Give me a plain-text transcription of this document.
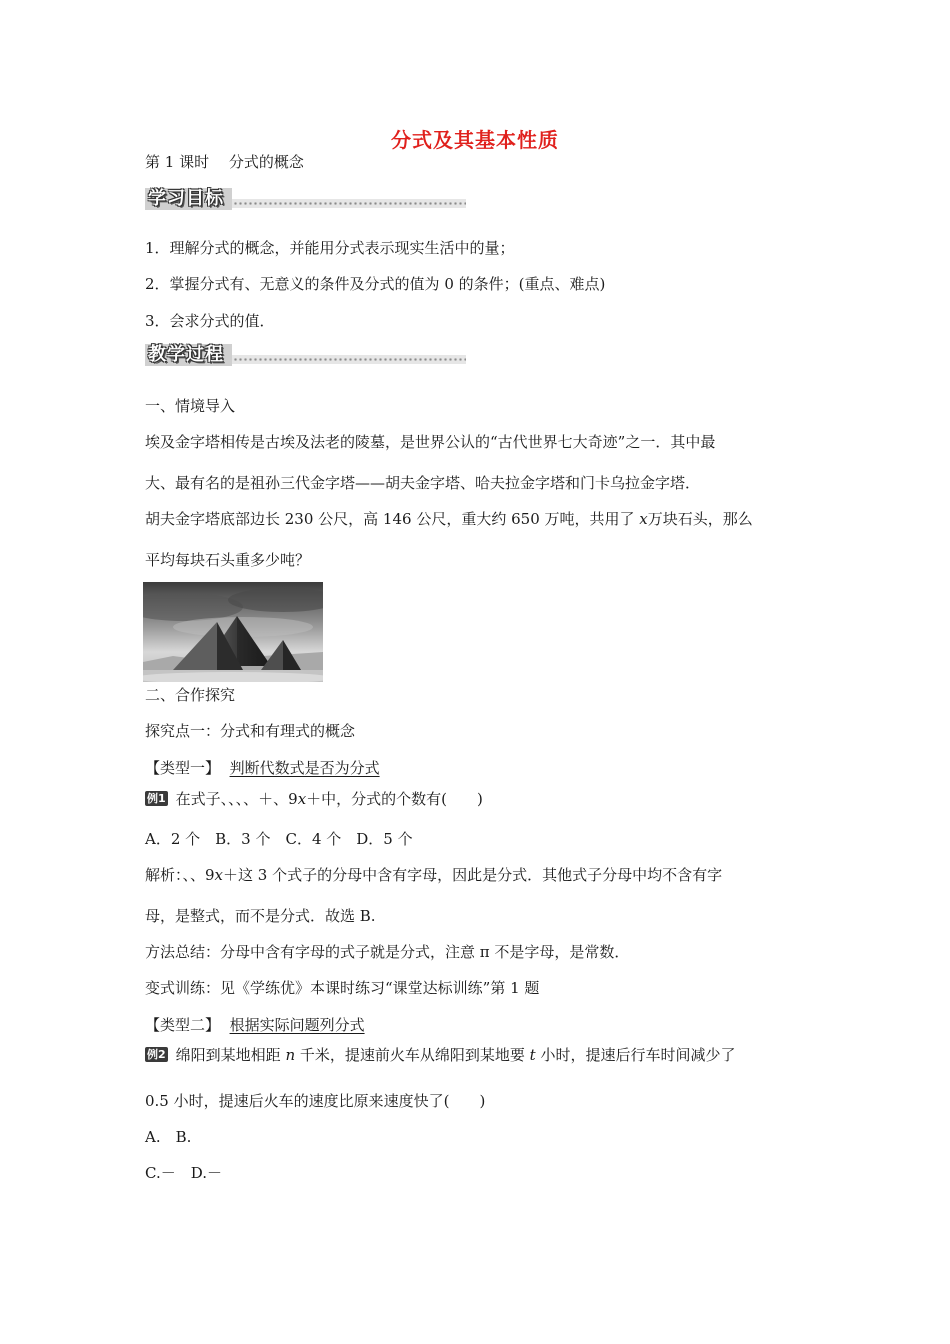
分式及其基本性质
第 1 课时　 分式的概念
学习目标
1．理解分式的概念，并能用分式表示现实生活中的量；
2．掌握分式有、无意义的条件及分式的值为 0 的条件；(重点、难点)
3．会求分式的值．
教学过程
一、情境导入
埃及金字塔相传是古埃及法老的陵墓，是世界公认的“古代世界七大奇迹”之一．其中最
大、最有名的是祖孙三代金字塔——胡夫金字塔、哈夫拉金字塔和门卡乌拉金字塔．
胡夫金字塔底部边长 230 公尺，高 146 公尺，重大约 650 万吨，共用了 x万块石头，那么
平均每块石头重多少吨？
二、合作探究
探究点一：分式和有理式的概念
【类型一】 判断代数式是否为分式
例1 在式子、、、、＋、9x＋中，分式的个数有(　　)
A．2 个　B．3 个　C．4 个　D．5 个
解析：、、9x＋这 3 个式子的分母中含有字母，因此是分式．其他式子分母中均不含有字
母，是整式，而不是分式．故选 B.
方法总结：分母中含有字母的式子就是分式，注意 π 不是字母，是常数．
变式训练：见《学练优》本课时练习“课堂达标训练”第 1 题
【类型二】 根据实际问题列分式
例2 绵阳到某地相距 n 千米，提速前火车从绵阳到某地要 t 小时，提速后行车时间减少了
0.5 小时，提速后火车的速度比原来速度快了(　　)
A.　B.
C.－　D.－
